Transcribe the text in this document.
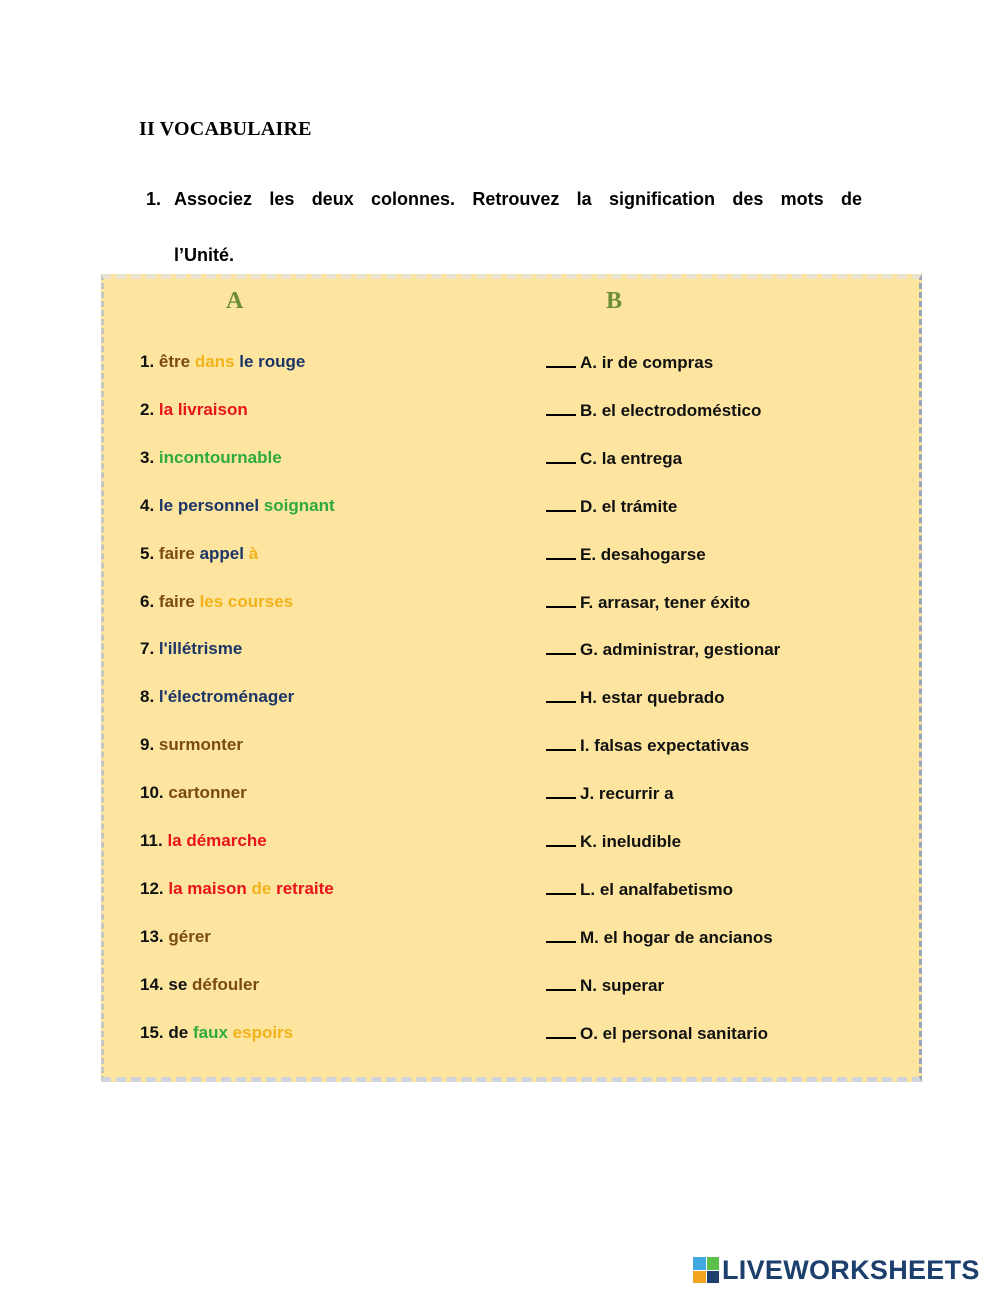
II VOCABULAIRE
1. Associez les deux colonnes. Retrouvez la signification des mots de
l’Unité.
A	B
1. être dans le rouge	A. ir de compras
2. la livraison	B. el electrodoméstico
3. incontournable	C. la entrega
4. le personnel soignant	D. el trámite
5. faire appel à	E. desahogarse
6. faire les courses	F. arrasar, tener éxito
7. l'illétrisme	G. administrar, gestionar
8. l'électroménager	H. estar quebrado
9. surmonter	I. falsas expectativas
10. cartonner	J. recurrir a
11. la démarche	K. ineludible
12. la maison de retraite	L. el analfabetismo
13. gérer	M. el hogar de ancianos
14. se défouler	N. superar
15. de faux espoirs	O. el personal sanitario
LIVEWORKSHEETS
